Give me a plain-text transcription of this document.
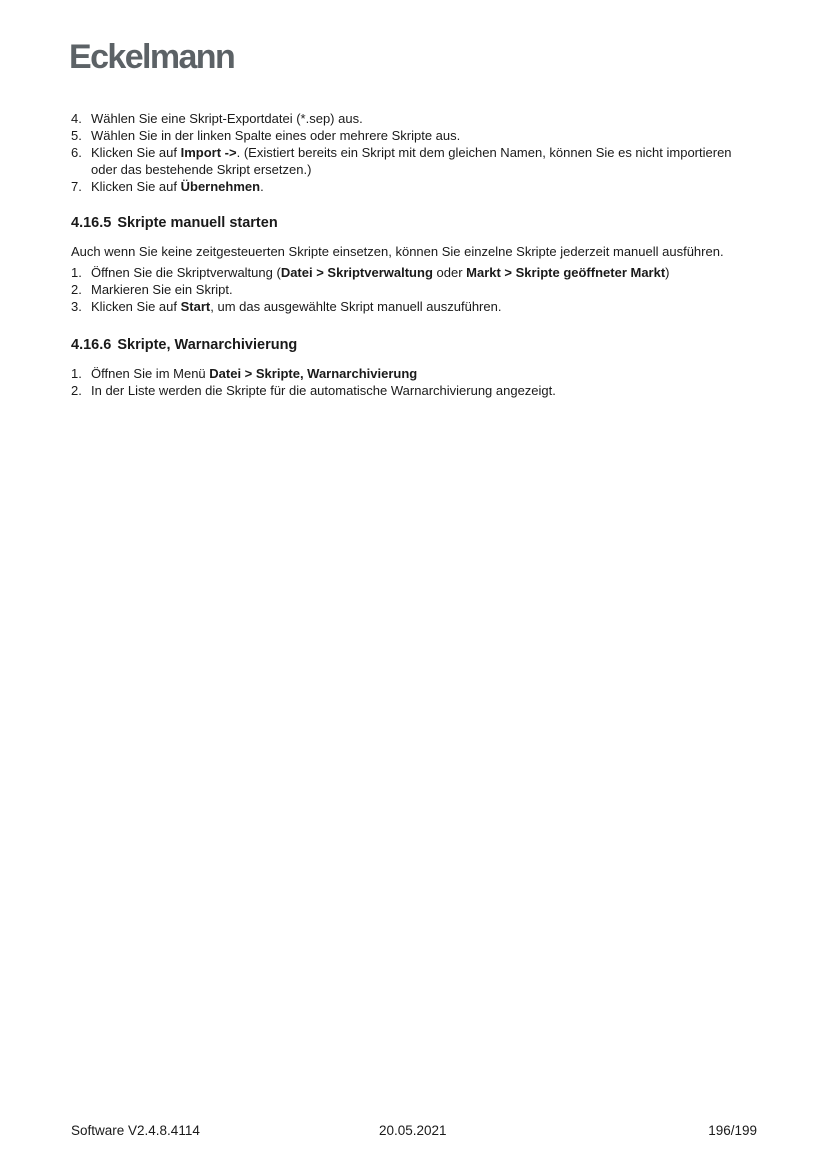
Eckelmann
4. Wählen Sie eine Skript-Exportdatei (*.sep) aus.
5. Wählen Sie in der linken Spalte eines oder mehrere Skripte aus.
6. Klicken Sie auf Import ->. (Existiert bereits ein Skript mit dem gleichen Namen, können Sie es nicht importieren oder das bestehende Skript ersetzen.)
7. Klicken Sie auf Übernehmen.
4.16.5 Skripte manuell starten

Auch wenn Sie keine zeitgesteuerten Skripte einsetzen, können Sie einzelne Skripte jederzeit manuell ausführen.

1. Öffnen Sie die Skriptverwaltung (Datei > Skriptverwaltung oder Markt > Skripte geöffneter Markt)
2. Markieren Sie ein Skript.
3. Klicken Sie auf Start, um das ausgewählte Skript manuell auszuführen.
4.16.6 Skripte, Warnarchivierung
1. Öffnen Sie im Menü Datei > Skripte, Warnarchivierung
2. In der Liste werden die Skripte für die automatische Warnarchivierung angezeigt.
Software V2.4.8.4114	20.05.2021	196/199
